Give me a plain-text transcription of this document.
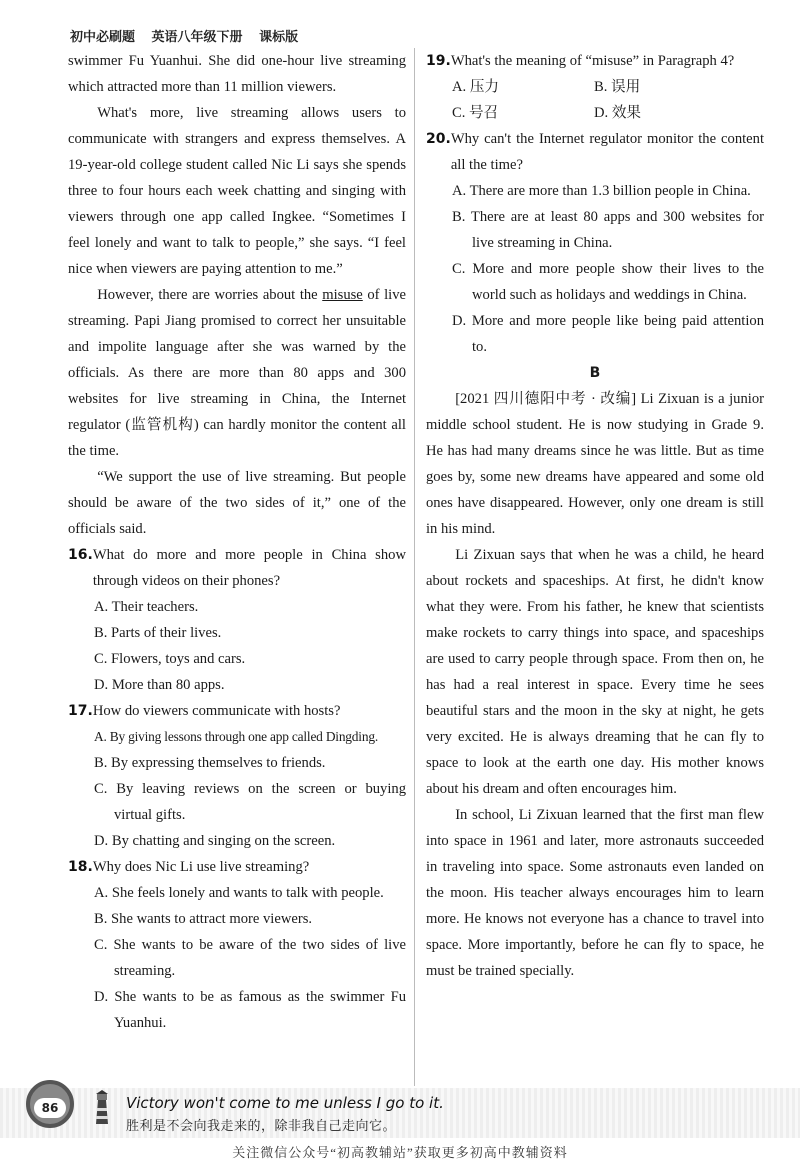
初中必刷题 英语八年级下册 课标版

swimmer Fu Yuanhui. She did one-hour live streaming which attracted more than 11 million viewers.

What's more, live streaming allows users to communicate with strangers and express themselves. A 19-year-old college student called Nic Li says she spends three to four hours each week chatting and singing with viewers through one app called Ingkee. “Sometimes I feel lonely and want to talk to people,” she says. “I feel nice when viewers are paying attention to me.”

However, there are worries about the misuse of live streaming. Papi Jiang promised to correct her unsuitable and impolite language after she was warned by the officials. As there are more than 80 apps and 300 websites for live streaming in China, the Internet regulator (监管机构) can hardly monitor the content all the time.

“We support the use of live streaming. But people should be aware of the two sides of it,” one of the officials said.

16. What do more and more people in China show through videos on their phones?
A. Their teachers.
B. Parts of their lives.
C. Flowers, toys and cars.
D. More than 80 apps.
17. How do viewers communicate with hosts?
A. By giving lessons through one app called Dingding.
B. By expressing themselves to friends.
C. By leaving reviews on the screen or buying virtual gifts.
D. By chatting and singing on the screen.
18. Why does Nic Li use live streaming?
A. She feels lonely and wants to talk with people.
B. She wants to attract more viewers.
C. She wants to be aware of the two sides of live streaming.
D. She wants to be as famous as the swimmer Fu Yuanhui.
19. What's the meaning of “misuse” in Paragraph 4?
A. 压力	B. 误用
C. 号召	D. 效果
20. Why can't the Internet regulator monitor the content all the time?
A. There are more than 1.3 billion people in China.
B. There are at least 80 apps and 300 websites for live streaming in China.
C. More and more people show their lives to the world such as holidays and weddings in China.
D. More and more people like being paid attention to.
B

[2021 四川德阳中考 · 改编] Li Zixuan is a junior middle school student. He is now studying in Grade 9. He has had many dreams since he was little. But as time goes by, some new dreams have appeared and some old ones have disappeared. However, only one dream is still in his mind.

Li Zixuan says that when he was a child, he heard about rockets and spaceships. At first, he didn't know what they were. From his father, he knew that scientists make rockets to carry things into space, and spaceships are used to carry people through space. From then on, he has had a real interest in space. Every time he sees beautiful stars and the moon in the sky at night, he gets very excited. He is always dreaming that he can fly to space to look at the earth one day. His mother knows about his dream and often encourages him.

In school, Li Zixuan learned that the first man flew into space in 1961 and later, more astronauts succeeded in traveling into space. Some astronauts even landed on the moon. His teacher always encourages him to learn more. He knows not everyone has a chance to travel into space. More importantly, before he can fly to space, he must be trained specially.

86	Victory won't come to me unless I go to it.
胜利是不会向我走来的，除非我自己走向它。
关注微信公众号“初高教辅站”获取更多初高中教辅资料
